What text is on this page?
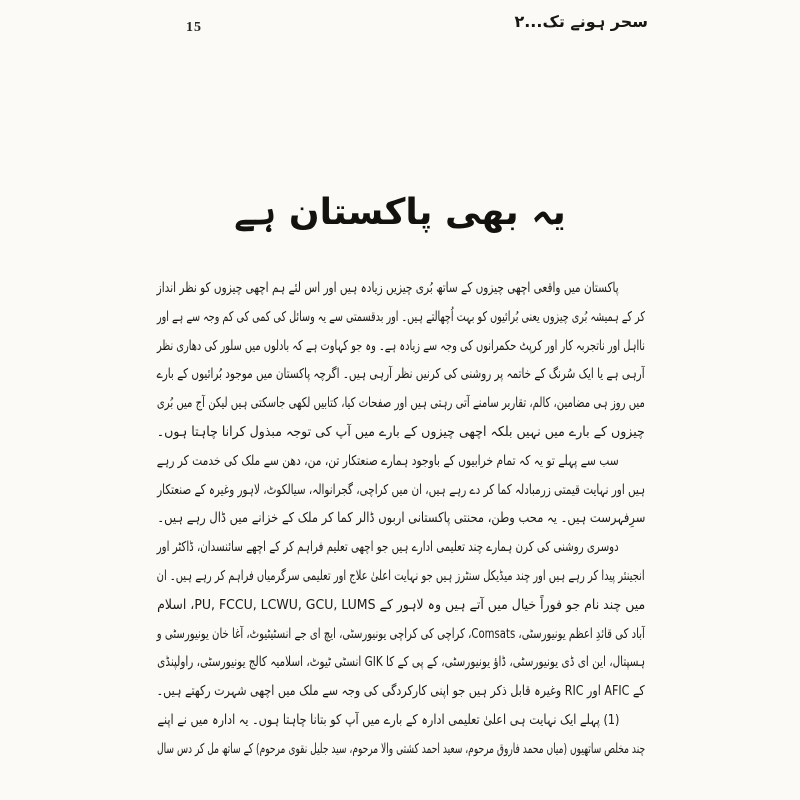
سحر ہونے تک...۲
15
یہ بھی پاکستان ہے
پاکستان میں واقعی اچھی چیزوں کے ساتھ بُری چیزیں زیادہ ہیں اور اس لئے ہم اچھی چیزوں کو نظر انداز
کر کے ہمیشہ بُری چیزوں یعنی بُرائیوں کو بہت اُچھالتے ہیں۔ اور بدقسمتی سے یہ وسائل کی کمی کی کم وجہ سے ہے اور
نااہل اور ناتجربہ کار اور کرپٹ حکمرانوں کی وجہ سے زیادہ ہے۔ وہ جو کہاوت ہے کہ بادلوں میں سلور کی دھاری نظر
آرہی ہے یا ایک سُرنگ کے خاتمہ پر روشنی کی کرنیں نظر آرہی ہیں۔ اگرچہ پاکستان میں موجود بُرائیوں کے بارے
میں روز ہی مضامین، کالم، تقاریر سامنے آتی رہتی ہیں اور صفحات کیا، کتابیں لکھی جاسکتی ہیں لیکن آج میں بُری
چیزوں کے بارے میں نہیں بلکہ اچھی چیزوں کے بارے میں آپ کی توجہ مبذول کرانا چاہتا ہوں۔
سب سے پہلے تو یہ کہ تمام خرابیوں کے باوجود ہمارے صنعتکار تن، من، دھن سے ملک کی خدمت کر رہے
ہیں اور نہایت قیمتی زرمبادلہ کما کر دے رہے ہیں، ان میں کراچی، گجرانوالہ، سیالکوٹ، لاہور وغیرہ کے صنعتکار
سرِفہرست ہیں۔ یہ محب وطن، محنتی پاکستانی اربوں ڈالر کما کر ملک کے خزانے میں ڈال رہے ہیں۔
دوسری روشنی کی کرن ہمارے چند تعلیمی ادارے ہیں جو اچھی تعلیم فراہم کر کے اچھے سائنسدان، ڈاکٹر اور
انجینئر پیدا کر رہے ہیں اور چند میڈیکل سنٹرز ہیں جو نہایت اعلیٰ علاج اور تعلیمی سرگرمیاں فراہم کر رہے ہیں۔ ان
میں چند نام جو فوراً خیال میں آتے ہیں وہ لاہور کے PU, FCCU, LCWU, GCU, LUMS، اسلام
آباد کی قائدِ اعظم یونیورسٹی، Comsats، کراچی کی کراچی یونیورسٹی، ایچ ای جے انسٹیٹیوٹ، آغا خان یونیورسٹی و
ہسپتال، این ای ڈی یونیورسٹی، ڈاؤ یونیورسٹی، کے پی کے کا GIK انسٹی ٹیوٹ، اسلامیہ کالج یونیورسٹی، راولپنڈی
کے AFIC اور RIC وغیرہ قابل ذکر ہیں جو اپنی کارکردگی کی وجہ سے ملک میں اچھی شہرت رکھتے ہیں۔
(1) پہلے ایک نہایت ہی اعلیٰ تعلیمی ادارہ کے بارے میں آپ کو بتانا چاہتا ہوں۔ یہ ادارہ میں نے اپنے
چند مخلص ساتھیوں (میاں محمد فاروق مرحوم، سعید احمد کشتی والا مرحوم، سید جلیل نقوی مرحوم) کے ساتھ مل کر دس سال
